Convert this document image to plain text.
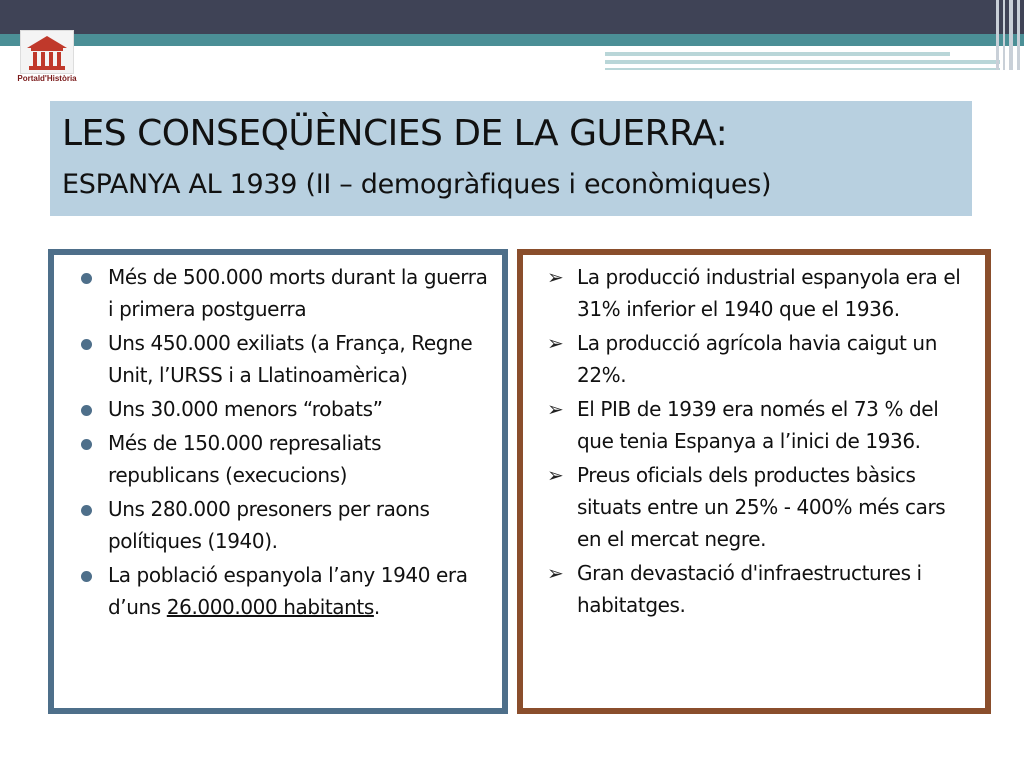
Portald'Història
LES CONSEQÜÈNCIES DE LA GUERRA:
ESPANYA AL 1939 (II – demogràfiques i econòmiques)
Més de 500.000 morts durant la guerra i primera postguerra
Uns 450.000 exiliats (a França, Regne Unit, l’URSS i a Llatinoamèrica)
Uns 30.000 menors “robats”
Més de 150.000 represaliats republicans (execucions)
Uns 280.000 presoners per raons polítiques (1940).
La població espanyola l’any 1940 era d’uns 26.000.000 habitants.
➢ La producció industrial espanyola era el 31% inferior el 1940 que el 1936.
➢ La producció agrícola havia caigut un 22%.
➢ El PIB de 1939 era només el 73 % del que tenia Espanya a l’inici de 1936.
➢ Preus oficials dels productes bàsics situats entre un 25% - 400% més cars en el mercat negre.
➢ Gran devastació d'infraestructures i habitatges.
